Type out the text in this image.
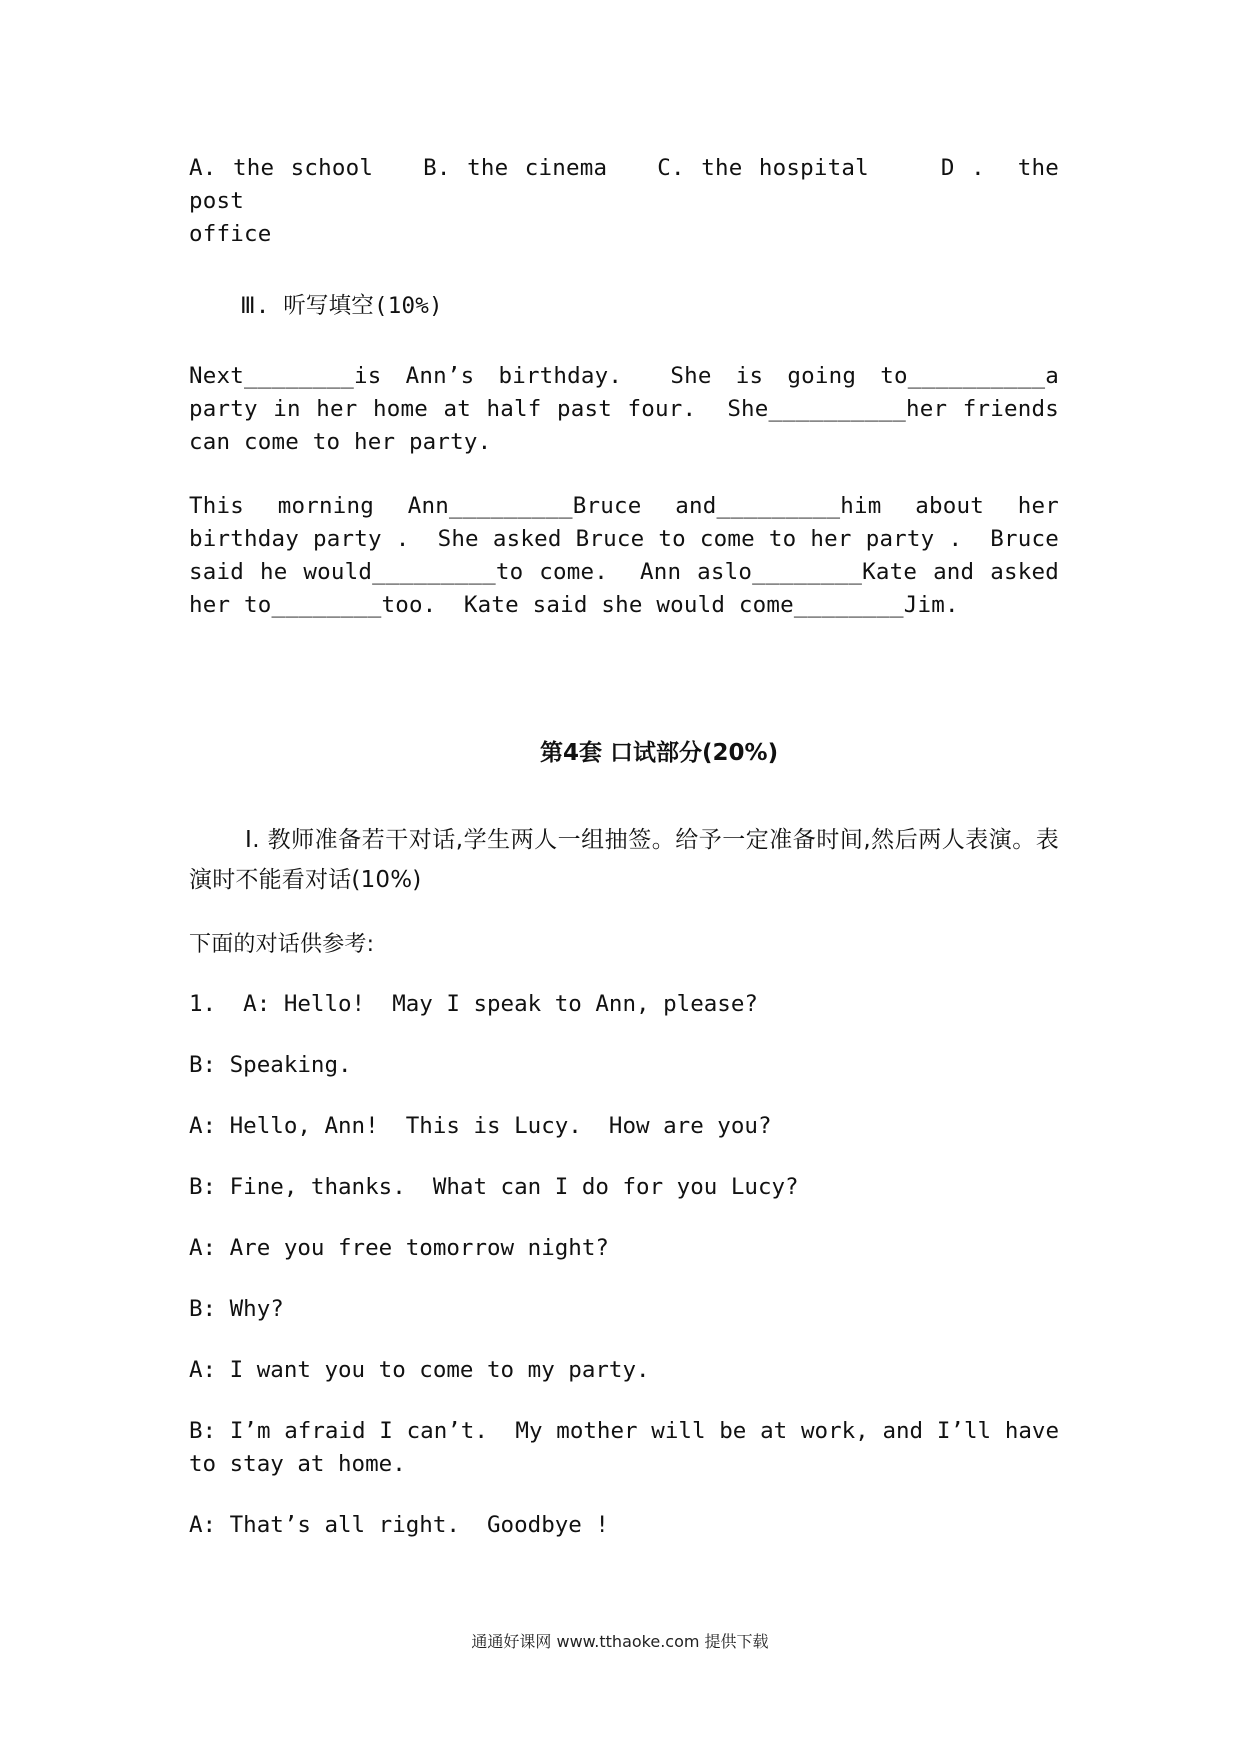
A. the school B. the cinema C. the hospital	D .  the post
office
Ⅲ. 听写填空(10%)
Next________is Ann’s birthday.  She is going to__________a party in her home at half past four.  She__________her friends can come to her party.
This morning Ann_________Bruce and_________him about her birthday party .  She asked Bruce to come to her party .  Bruce said he would_________to come.  Ann aslo________Kate and asked her to________too.  Kate said she would come________Jim.
第4套 口试部分(20%)
Ⅰ. 教师准备若干对话,学生两人一组抽签。给予一定准备时间,然后两人表演。表演时不能看对话(10%)
下面的对话供参考:
1.  A: Hello!  May I speak to Ann, please?
B: Speaking.
A: Hello, Ann!  This is Lucy.  How are you?
B: Fine, thanks.  What can I do for you Lucy?
A: Are you free tomorrow night?
B: Why?
A: I want you to come to my party.
B: I’m afraid I can’t.  My mother will be at work, and I’ll have to stay at home.
A: That’s all right.  Goodbye !
通通好课网 www.tthaoke.com 提供下载
